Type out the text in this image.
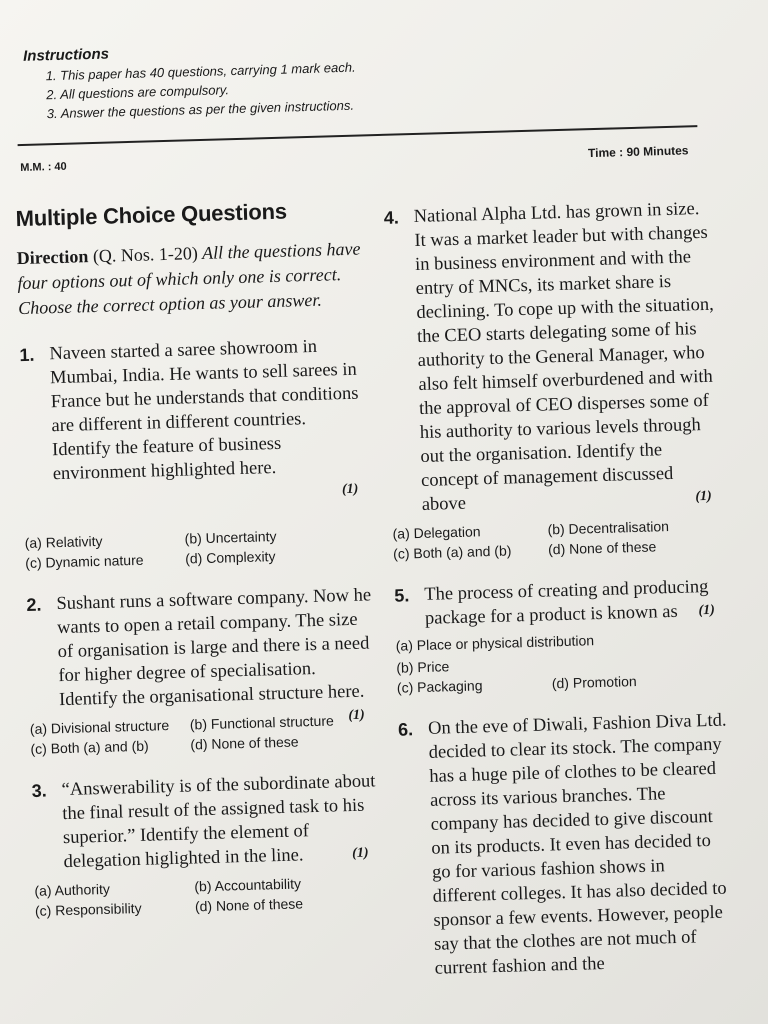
Instructions
1. This paper has 40 questions, carrying 1 mark each.
2. All questions are compulsory.
3. Answer the questions as per the given instructions.
M.M. : 40
Time : 90 Minutes
Multiple Choice Questions
Direction (Q. Nos. 1-20) All the questions have four options out of which only one is correct. Choose the correct option as your answer.
1. Naveen started a saree showroom in Mumbai, India. He wants to sell sarees in France but he understands that conditions are different in different countries. Identify the feature of business environment highlighted here.
(1)
(a) Relativity	(b) Uncertainty
(c) Dynamic nature	(d) Complexity
2. Sushant runs a software company. Now he wants to open a retail company. The size of organisation is large and there is a need for higher degree of specialisation. Identify the organisational structure here.
(1)
(a) Divisional structure	(b) Functional structure
(c) Both (a) and (b)	(d) None of these
3. “Answerability is of the subordinate about the final result of the assigned task to his superior.” Identify the element of delegation higlighted in the line.	(1)
(a) Authority	(b) Accountability
(c) Responsibility	(d) None of these
4. National Alpha Ltd. has grown in size. It was a market leader but with changes in business environment and with the entry of MNCs, its market share is declining. To cope up with the situation, the CEO starts delegating some of his authority to the General Manager, who also felt himself overburdened and with the approval of CEO disperses some of his authority to various levels through out the organisation. Identify the concept of management discussed above	(1)
(a) Delegation	(b) Decentralisation
(c) Both (a) and (b)	(d) None of these
5. The process of creating and producing package for a product is known as (1)
(a) Place or physical distribution
(b) Price
(c) Packaging	(d) Promotion
6. On the eve of Diwali, Fashion Diva Ltd. decided to clear its stock. The company has a huge pile of clothes to be cleared across its various branches. The company has decided to give discount on its products. It even has decided to go for various fashion shows in different colleges. It has also decided to sponsor a few events. However, people say that the clothes are not much of current fashion and the
